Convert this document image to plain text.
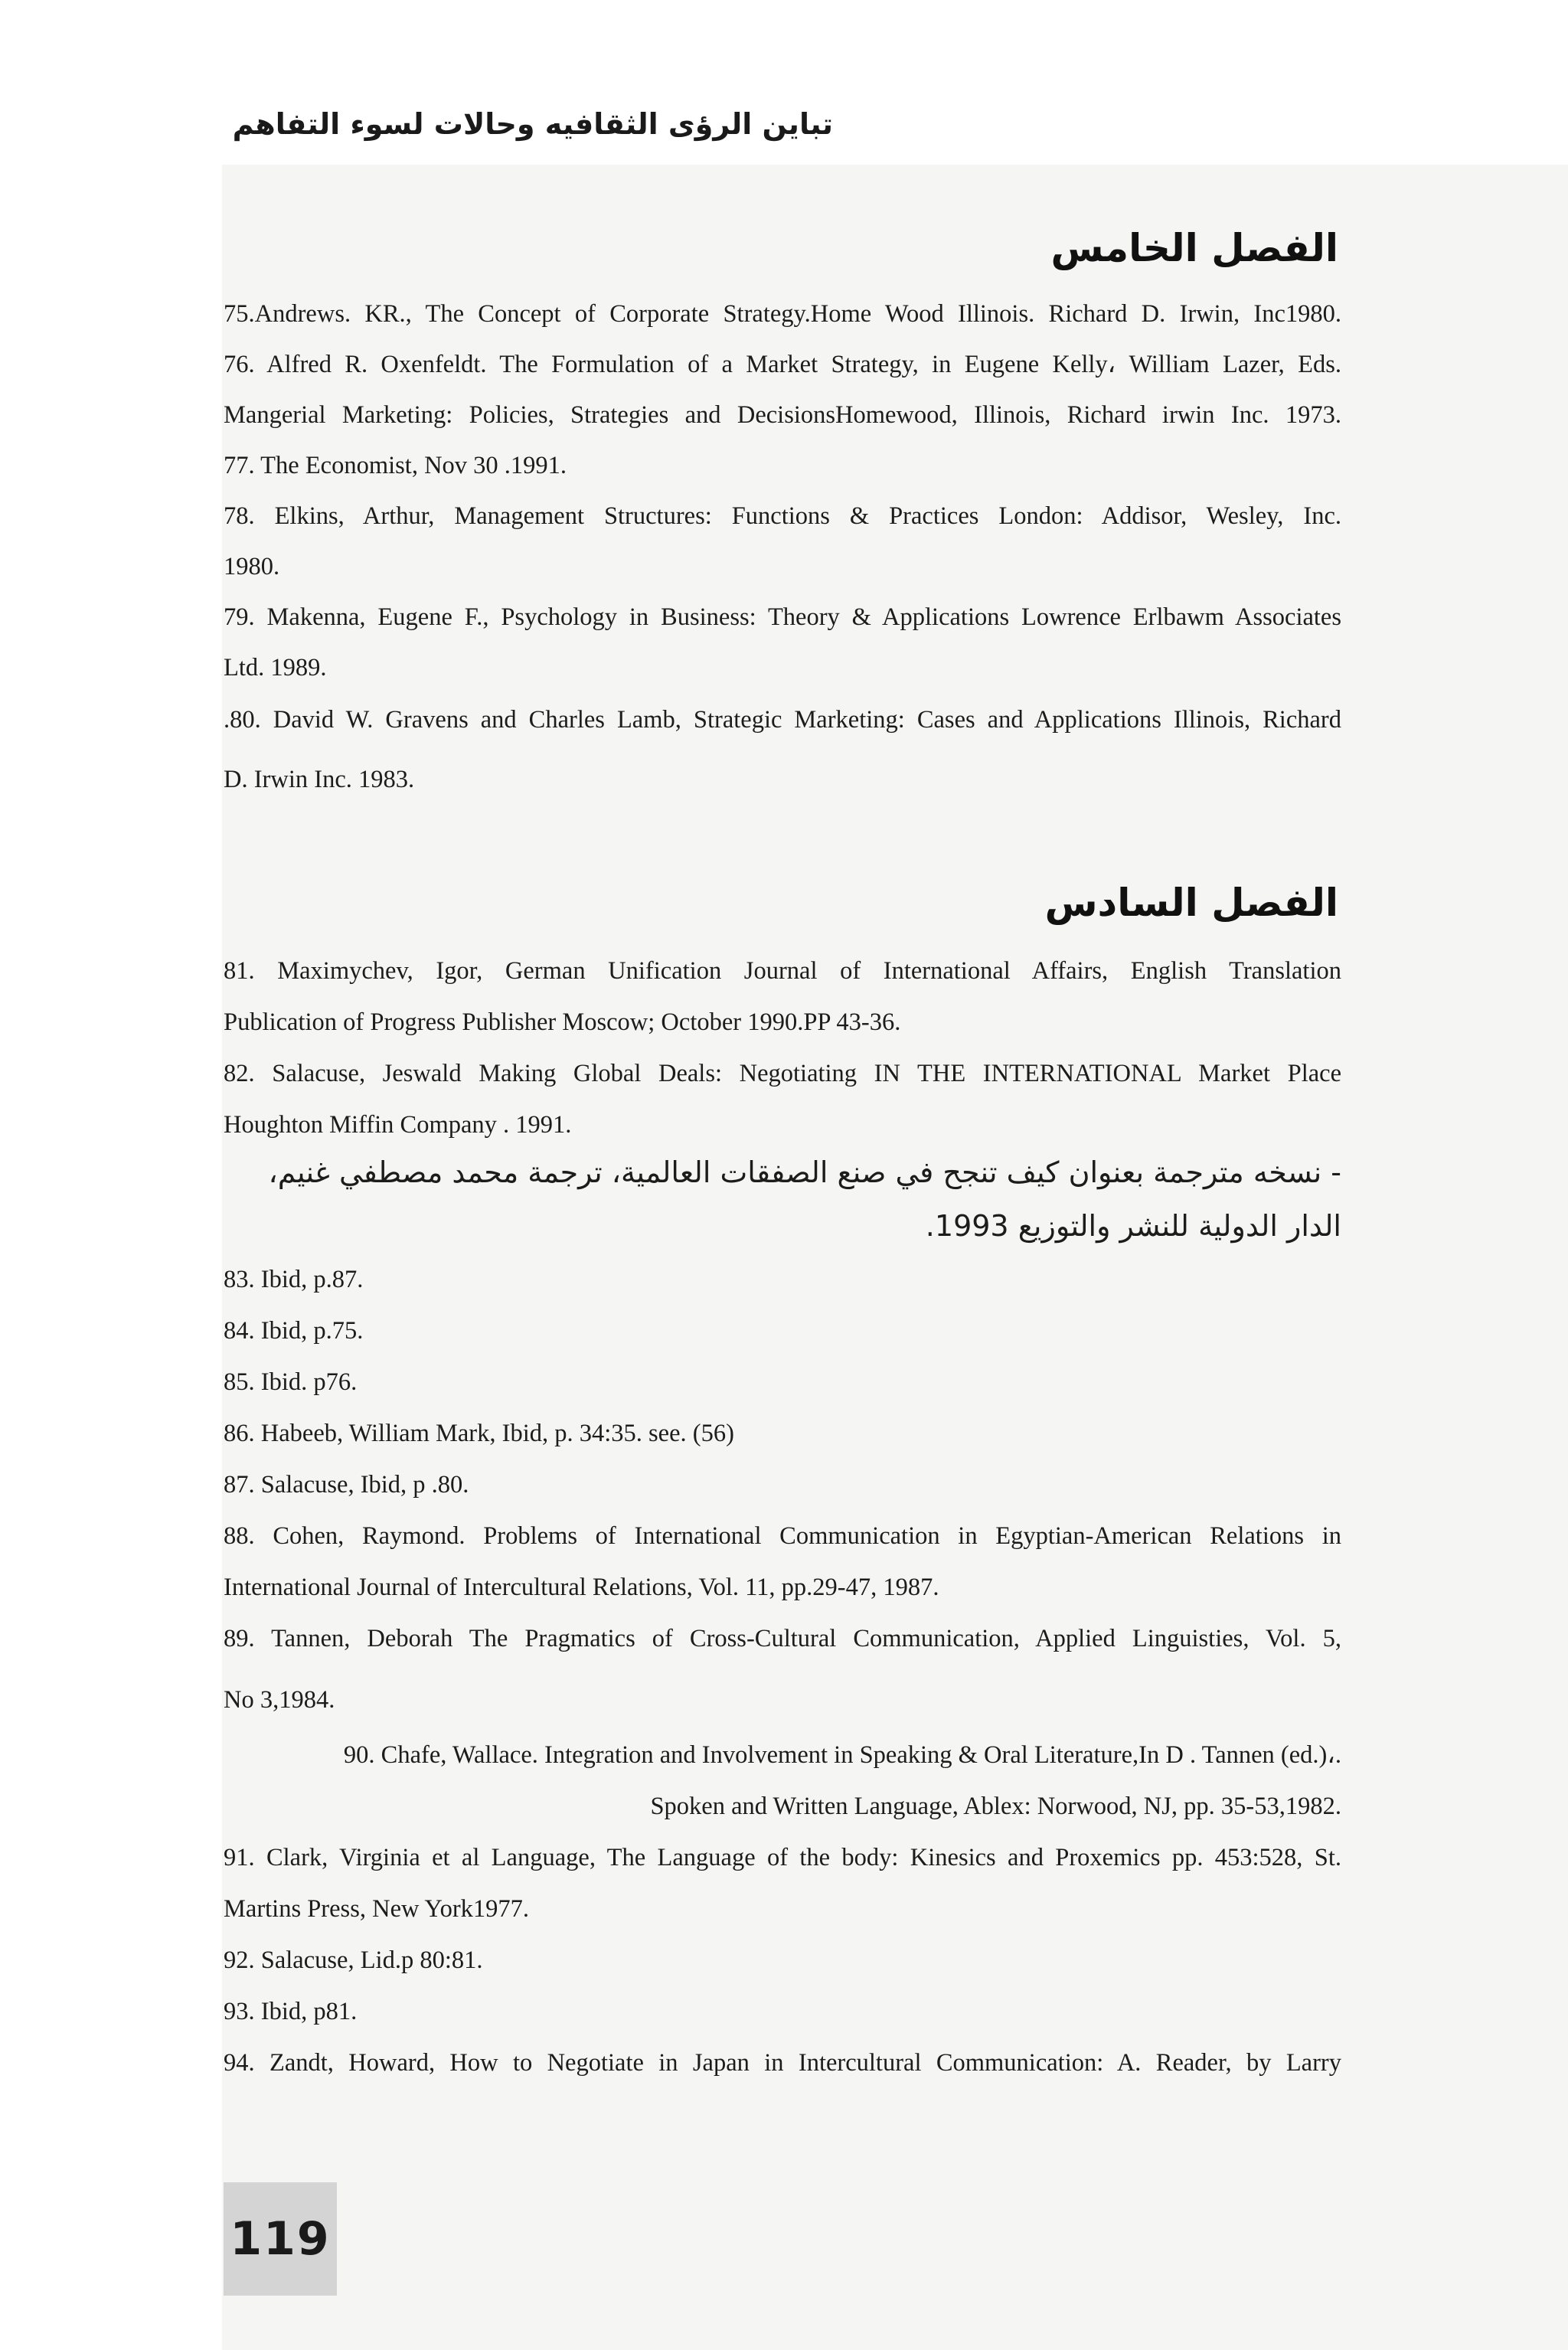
تباين الرؤى الثقافيه وحالات لسوء التفاهم
الفصل الخامس
75.Andrews. KR., The Concept of Corporate Strategy.Home Wood Illinois. Richard D. Irwin, Inc1980.
76. Alfred R. Oxenfeldt. The Formulation of a Market Strategy, in Eugene Kelly، William Lazer, Eds.
Mangerial Marketing: Policies, Strategies and DecisionsHomewood, Illinois, Richard irwin Inc. 1973.
77. The Economist, Nov 30 .1991.
78. Elkins, Arthur, Management Structures: Functions & Practices London: Addisor, Wesley, Inc.
1980.
79. Makenna, Eugene F., Psychology in Business: Theory & Applications Lowrence Erlbawm Associates
Ltd. 1989.
.80. David W. Gravens and Charles Lamb, Strategic Marketing: Cases and Applications Illinois, Richard
D. Irwin Inc. 1983.
الفصل السادس
81. Maximychev, Igor, German Unification Journal of International Affairs, English Translation
Publication of Progress Publisher Moscow; October 1990.PP 43-36.
82. Salacuse, Jeswald Making Global Deals: Negotiating IN THE INTERNATIONAL Market Place
Houghton Miffin Company . 1991.
- نسخه مترجمة بعنوان كيف تنجح في صنع الصفقات العالمية، ترجمة محمد مصطفي غنيم،
الدار الدولية للنشر والتوزيع 1993.
83. Ibid, p.87.
84. Ibid, p.75.
85. Ibid. p76.
86. Habeeb, William Mark, Ibid, p. 34:35. see. (56)
87. Salacuse, Ibid, p .80.
88. Cohen, Raymond. Problems of International Communication in Egyptian-American Relations in
International Journal of Intercultural Relations, Vol. 11, pp.29-47, 1987.
89. Tannen, Deborah The Pragmatics of Cross-Cultural Communication, Applied Linguisties, Vol. 5,
No 3,1984.
90. Chafe, Wallace. Integration and Involvement in Speaking & Oral Literature,In D . Tannen (ed.)،.
Spoken and Written Language, Ablex: Norwood, NJ, pp. 35-53,1982.
91. Clark, Virginia et al Language, The Language of the body: Kinesics and Proxemics pp. 453:528, St.
Martins Press, New York1977.
92. Salacuse, Lid.p 80:81.
93. Ibid, p81.
94. Zandt, Howard, How to Negotiate in Japan in Intercultural Communication: A. Reader, by Larry
119
